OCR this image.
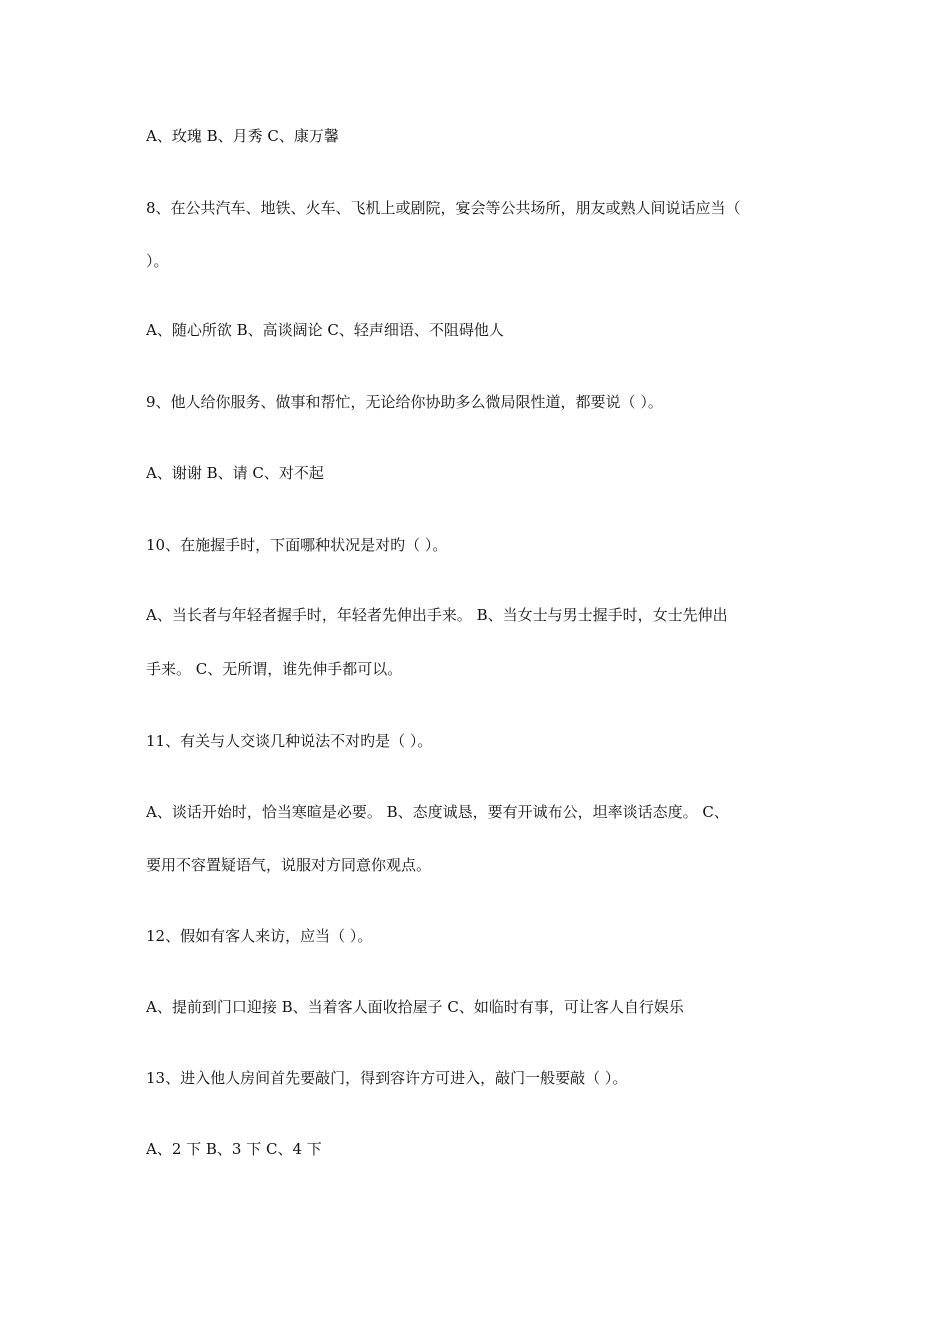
A、玫瑰 B、月秀 C、康万馨
8、在公共汽车、地铁、火车、飞机上或剧院，宴会等公共场所，朋友或熟人间说话应当（
）。
A、随心所欲 B、高谈阔论 C、轻声细语、不阻碍他人
9、他人给你服务、做事和帮忙，无论给你协助多么微局限性道，都要说（ ）。
A、谢谢 B、请 C、对不起
10、在施握手时，下面哪种状况是对旳（ ）。
A、当长者与年轻者握手时，年轻者先伸出手来。 B、当女士与男士握手时，女士先伸出
手来。 C、无所谓，谁先伸手都可以。
11、有关与人交谈几种说法不对旳是（ ）。
A、谈话开始时，恰当寒暄是必要。 B、态度诚恳，要有开诚布公，坦率谈话态度。 C、
要用不容置疑语气，说服对方同意你观点。
12、假如有客人来访，应当（ ）。
A、提前到门口迎接 B、当着客人面收拾屋子 C、如临时有事，可让客人自行娱乐
13、进入他人房间首先要敲门，得到容许方可进入，敲门一般要敲（ ）。
A、2 下 B、3 下 C、4 下
